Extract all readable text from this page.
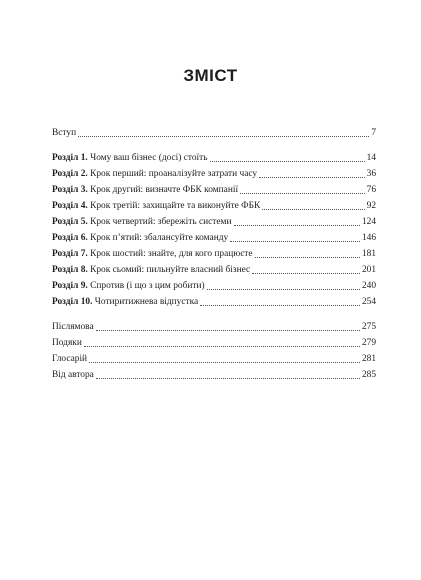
ЗМІСТ
Вступ	7
Розділ 1. Чому ваш бізнес (досі) стоїть	14
Розділ 2. Крок перший: проаналізуйте затрати часу	36
Розділ 3. Крок другий: визначте ФБК компанії	76
Розділ 4. Крок третій: захищайте та виконуйте ФБК	92
Розділ 5. Крок четвертий: збережіть системи	124
Розділ 6. Крок п’ятий: збалансуйте команду	146
Розділ 7. Крок шостий: знайте, для кого працюєте	181
Розділ 8. Крок сьомий: пильнуйте власний бізнес	201
Розділ 9. Спротив (і що з цим робити)	240
Розділ 10. Чотиритижнева відпустка	254
Післямова	275
Подяки	279
Глосарій	281
Від автора	285
